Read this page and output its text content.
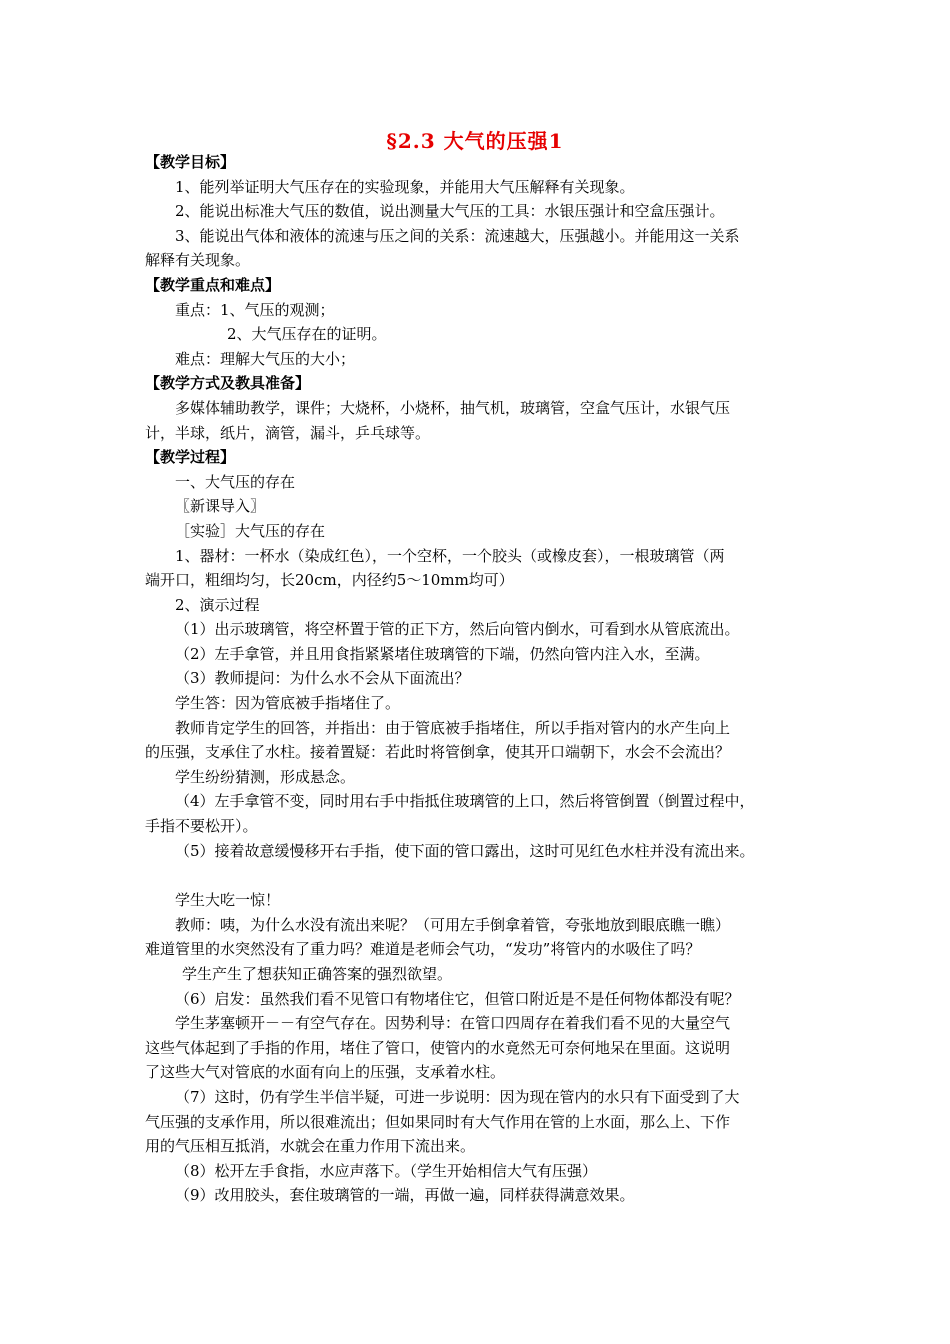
§2.3 大气的压强1
【教学目标】
1、能列举证明大气压存在的实验现象，并能用大气压解释有关现象。
2、能说出标准大气压的数值，说出测量大气压的工具：水银压强计和空盒压强计。
3、能说出气体和液体的流速与压之间的关系：流速越大，压强越小。并能用这一关系
解释有关现象。
【教学重点和难点】
重点：1、气压的观测；
2、大气压存在的证明。
难点：理解大气压的大小；
【教学方式及教具准备】
多媒体辅助教学，课件；大烧杯，小烧杯，抽气机，玻璃管，空盒气压计，水银气压
计，半球，纸片，滴管，漏斗，乒乓球等。
【教学过程】
一、大气压的存在
〖新课导入〗
［实验］大气压的存在
1、器材：一杯水（染成红色），一个空杯，一个胶头（或橡皮套），一根玻璃管（两
端开口，粗细均匀，长20cm，内径约5～10mm均可）
2、演示过程
（1）出示玻璃管，将空杯置于管的正下方，然后向管内倒水，可看到水从管底流出。
（2）左手拿管，并且用食指紧紧堵住玻璃管的下端，仍然向管内注入水，至满。
（3）教师提问：为什么水不会从下面流出？
学生答：因为管底被手指堵住了。
教师肯定学生的回答，并指出：由于管底被手指堵住，所以手指对管内的水产生向上
的压强，支承住了水柱。接着置疑：若此时将管倒拿，使其开口端朝下，水会不会流出？
学生纷纷猜测，形成悬念。
（4）左手拿管不变，同时用右手中指抵住玻璃管的上口，然后将管倒置（倒置过程中，
手指不要松开）。
（5）接着故意缓慢移开右手指，使下面的管口露出，这时可见红色水柱并没有流出来。
学生大吃一惊！
教师：咦，为什么水没有流出来呢？（可用左手倒拿着管，夸张地放到眼底瞧一瞧）
难道管里的水突然没有了重力吗？难道是老师会气功，“发功”将管内的水吸住了吗？
学生产生了想获知正确答案的强烈欲望。
（6）启发：虽然我们看不见管口有物堵住它，但管口附近是不是任何物体都没有呢？
学生茅塞顿开－－有空气存在。因势利导：在管口四周存在着我们看不见的大量空气
这些气体起到了手指的作用，堵住了管口，使管内的水竟然无可奈何地呆在里面。这说明
了这些大气对管底的水面有向上的压强，支承着水柱。
（7）这时，仍有学生半信半疑，可进一步说明：因为现在管内的水只有下面受到了大
气压强的支承作用，所以很难流出；但如果同时有大气作用在管的上水面，那么上、下作
用的气压相互抵消，水就会在重力作用下流出来。
（8）松开左手食指，水应声落下。（学生开始相信大气有压强）
（9）改用胶头，套住玻璃管的一端，再做一遍，同样获得满意效果。
